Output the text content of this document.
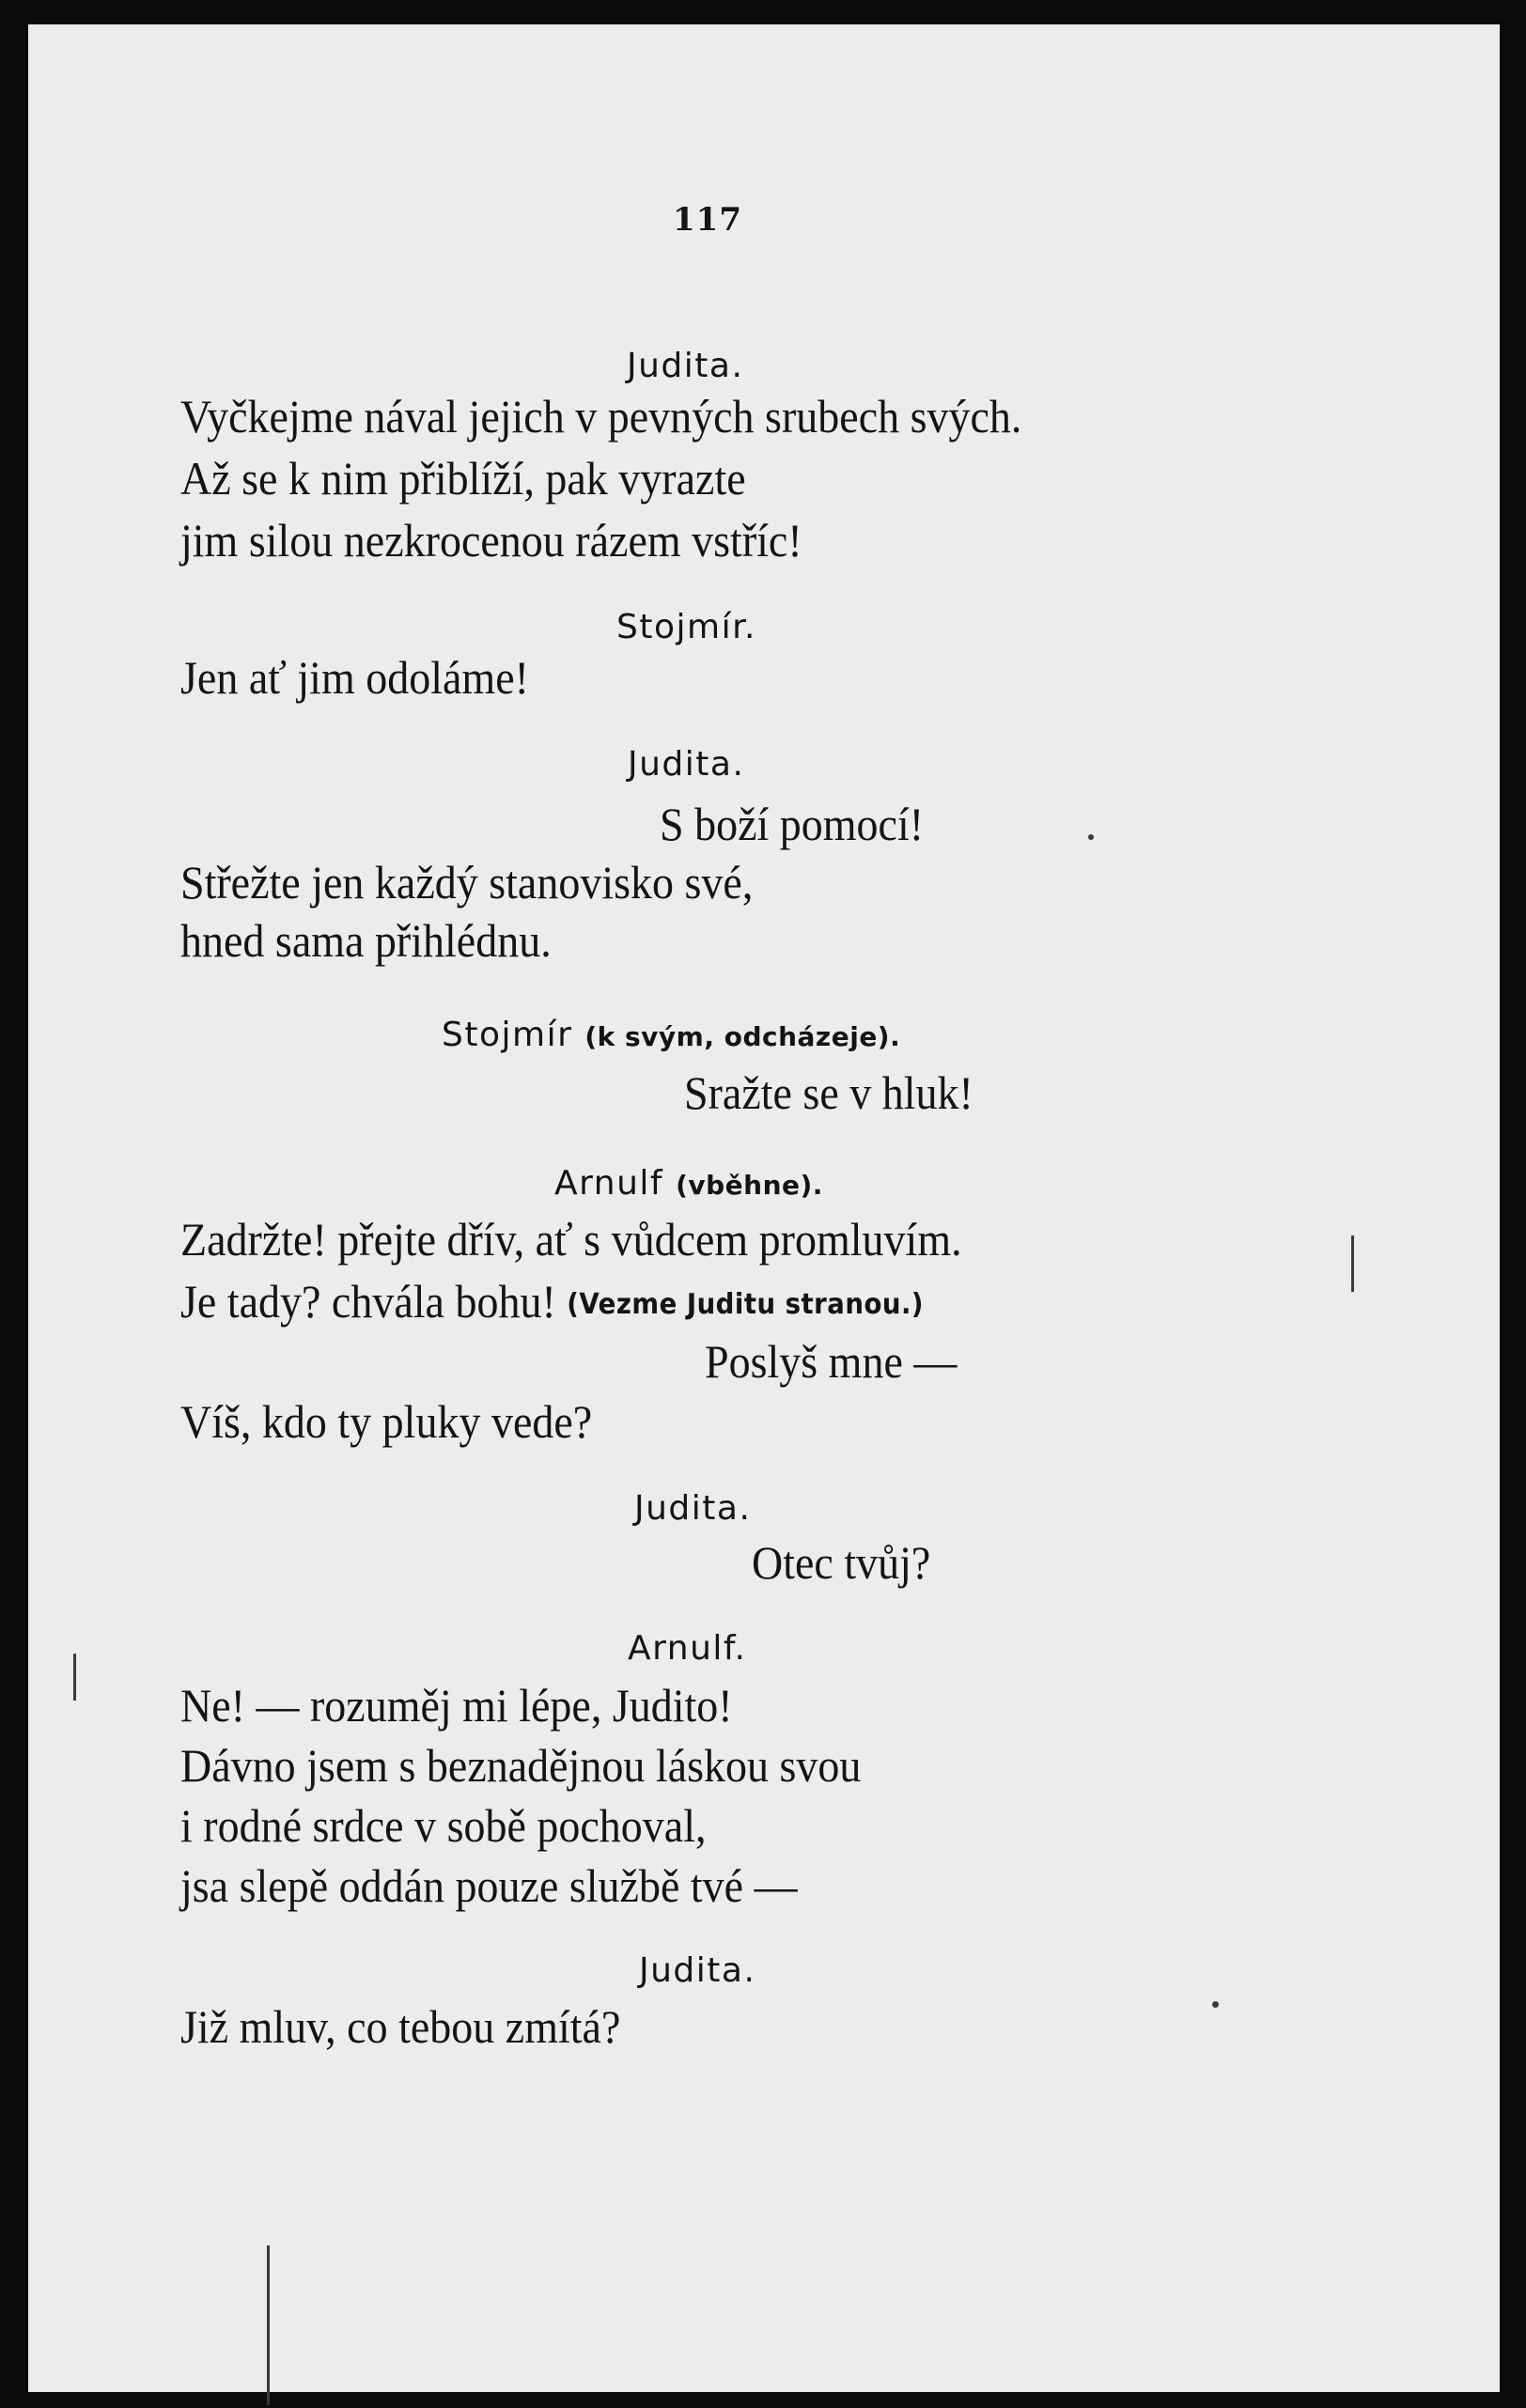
117
Judita.
Vyčkejme nával jejich v pevných srubech svých.
Až se k nim přiblíží, pak vyrazte
jim silou nezkrocenou rázem vstříc!
Stojmír.
Jen ať jim odoláme!
Judita.
S boží pomocí!
Střežte jen každý stanovisko své,
hned sama přihlédnu.
Stojmír (k svým, odcházeje).
Sražte se v hluk!
Arnulf (vběhne).
Zadržte! přejte dřív, ať s vůdcem promluvím.
Je tady? chvála bohu! (Vezme Juditu stranou.)
Poslyš mne —
Víš, kdo ty pluky vede?
Judita.
Otec tvůj?
Arnulf.
Ne! — rozuměj mi lépe, Judito!
Dávno jsem s beznadějnou láskou svou
i rodné srdce v sobě pochoval,
jsa slepě oddán pouze službě tvé —
Judita.
Již mluv, co tebou zmítá?
